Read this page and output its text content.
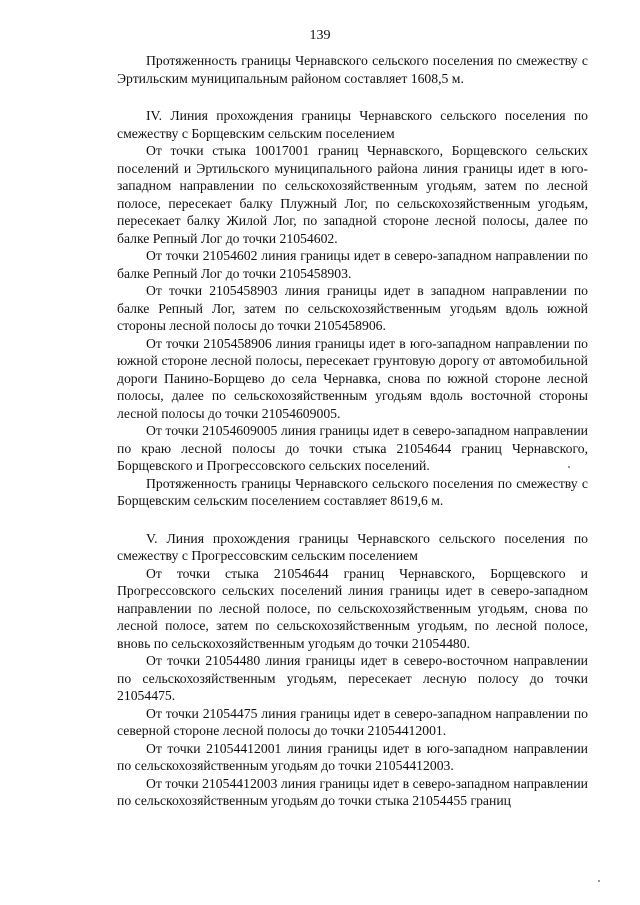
139

Протяженность границы Чернавского сельского поселения по смежеству с Эртильским муниципальным районом составляет 1608,5 м.

IV. Линия прохождения границы Чернавского сельского поселения по смежеству с Борщевским сельским поселением

От точки стыка 10017001 границ Чернавского, Борщевского сельских поселений и Эртильского муниципального района линия границы идет в юго-западном направлении по сельскохозяйственным угодьям, затем по лесной полосе, пересекает балку Плужный Лог, по сельскохозяйственным угодьям, пересекает балку Жилой Лог, по западной стороне лесной полосы, далее по балке Репный Лог до точки 21054602.

От точки 21054602 линия границы идет в северо-западном направлении по балке Репный Лог до точки 2105458903.

От точки 2105458903 линия границы идет в западном направлении по балке Репный Лог, затем по сельскохозяйственным угодьям вдоль южной стороны лесной полосы до точки 2105458906.

От точки 2105458906 линия границы идет в юго-западном направлении по южной стороне лесной полосы, пересекает грунтовую дорогу от автомобильной дороги Панино-Борщево до села Чернавка, снова по южной стороне лесной полосы, далее по сельскохозяйственным угодьям вдоль восточной стороны лесной полосы до точки 21054609005.

От точки 21054609005 линия границы идет в северо-западном направлении по краю лесной полосы до точки стыка 21054644 границ Чернавского, Борщевского и Прогрессовского сельских поселений.

Протяженность границы Чернавского сельского поселения по смежеству с Борщевским сельским поселением составляет 8619,6 м.

V. Линия прохождения границы Чернавского сельского поселения по смежеству с Прогрессовским сельским поселением

От точки стыка 21054644 границ Чернавского, Борщевского и Прогрессовского сельских поселений линия границы идет в северо-западном направлении по лесной полосе, по сельскохозяйственным угодьям, снова по лесной полосе, затем по сельскохозяйственным угодьям, по лесной полосе, вновь по сельскохозяйственным угодьям до точки 21054480.

От точки 21054480 линия границы идет в северо-восточном направлении по сельскохозяйственным угодьям, пересекает лесную полосу до точки 21054475.

От точки 21054475 линия границы идет в северо-западном направлении по северной стороне лесной полосы до точки 21054412001.

От точки 21054412001 линия границы идет в юго-западном направлении по сельскохозяйственным угодьям до точки 21054412003.

От точки 21054412003 линия границы идет в северо-западном направлении по сельскохозяйственным угодьям до точки стыка 21054455 границ
